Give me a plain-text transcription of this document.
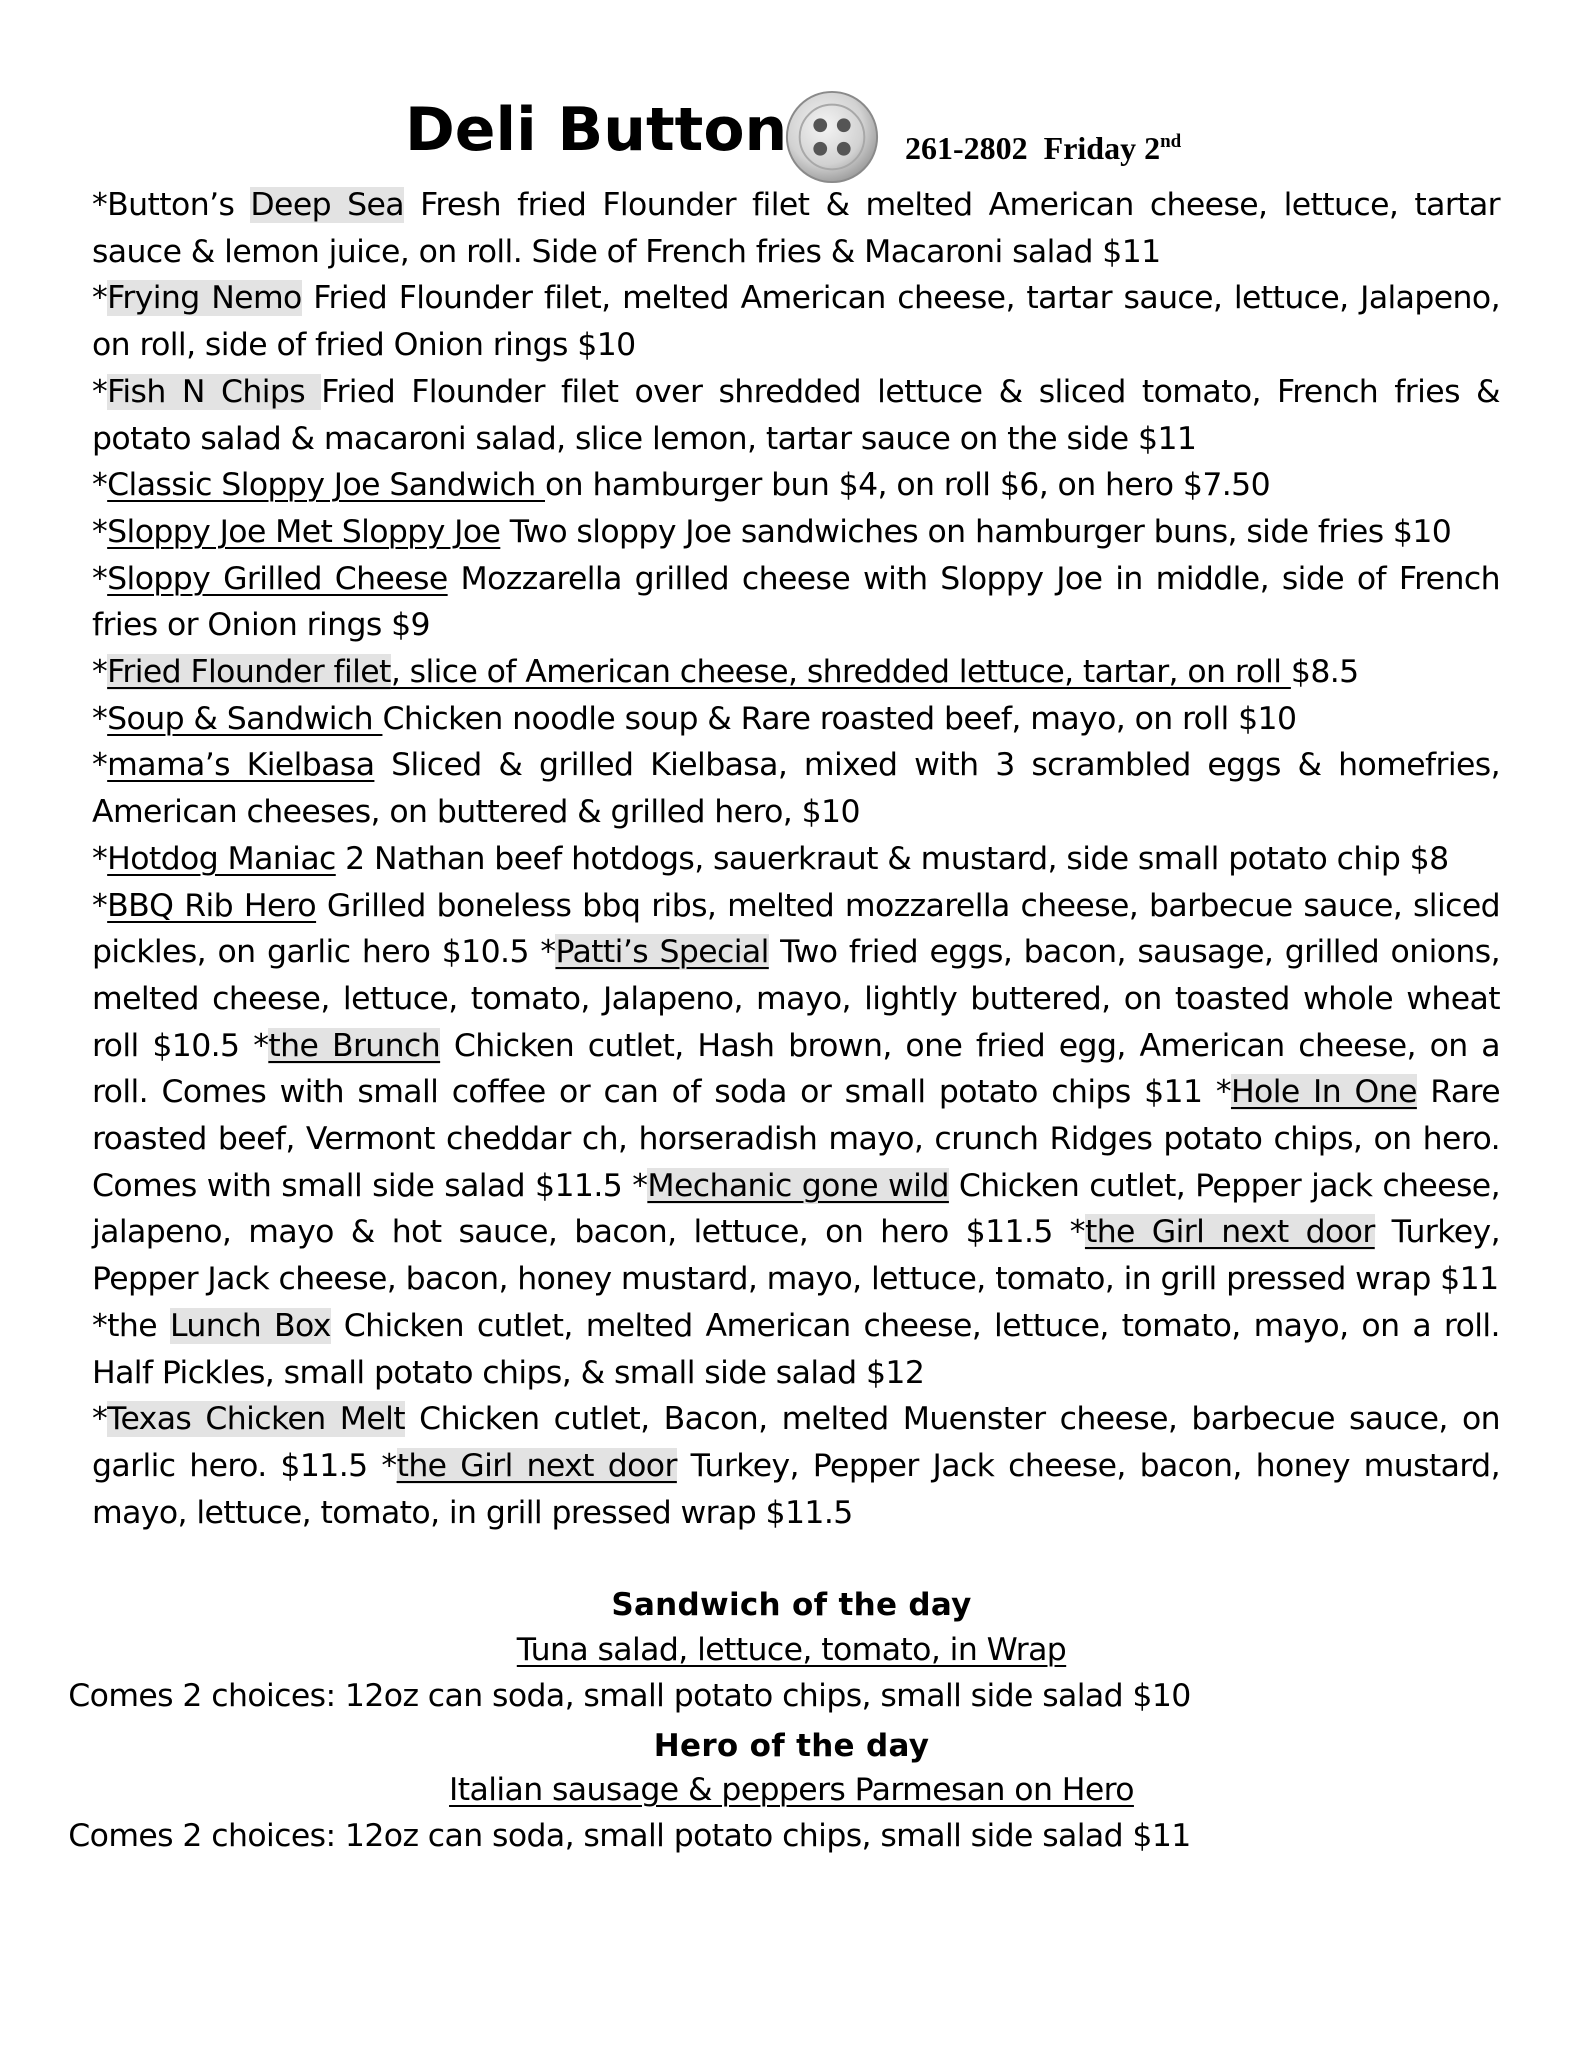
Deli Button	261-2802 Friday 2nd

*Button’s Deep Sea Fresh fried Flounder filet & melted American cheese, lettuce, tartar sauce & lemon juice, on roll. Side of French fries & Macaroni salad $11

*Frying Nemo Fried Flounder filet, melted American cheese, tartar sauce, lettuce, Jalapeno, on roll, side of fried Onion rings $10

*Fish N Chips Fried Flounder filet over shredded lettuce & sliced tomato, French fries & potato salad & macaroni salad, slice lemon, tartar sauce on the side $11

*Classic Sloppy Joe Sandwich on hamburger bun $4, on roll $6, on hero $7.50

*Sloppy Joe Met Sloppy Joe Two sloppy Joe sandwiches on hamburger buns, side fries $10

*Sloppy Grilled Cheese Mozzarella grilled cheese with Sloppy Joe in middle, side of French fries or Onion rings $9

*Fried Flounder filet, slice of American cheese, shredded lettuce, tartar, on roll $8.5

*Soup & Sandwich Chicken noodle soup & Rare roasted beef, mayo, on roll $10

*mama’s Kielbasa Sliced & grilled Kielbasa, mixed with 3 scrambled eggs & homefries, American cheeses, on buttered & grilled hero, $10

*Hotdog Maniac 2 Nathan beef hotdogs, sauerkraut & mustard, side small potato chip $8

*BBQ Rib Hero Grilled boneless bbq ribs, melted mozzarella cheese, barbecue sauce, sliced pickles, on garlic hero $10.5 *Patti’s Special Two fried eggs, bacon, sausage, grilled onions, melted cheese, lettuce, tomato, Jalapeno, mayo, lightly buttered, on toasted whole wheat roll $10.5 *the Brunch Chicken cutlet, Hash brown, one fried egg, American cheese, on a roll. Comes with small coffee or can of soda or small potato chips $11 *Hole In One Rare roasted beef, Vermont cheddar ch, horseradish mayo, crunch Ridges potato chips, on hero. Comes with small side salad $11.5 *Mechanic gone wild Chicken cutlet, Pepper jack cheese, jalapeno, mayo & hot sauce, bacon, lettuce, on hero $11.5 *the Girl next door Turkey, Pepper Jack cheese, bacon, honey mustard, mayo, lettuce, tomato, in grill pressed wrap $11

*the Lunch Box Chicken cutlet, melted American cheese, lettuce, tomato, mayo, on a roll. Half Pickles, small potato chips, & small side salad $12

*Texas Chicken Melt Chicken cutlet, Bacon, melted Muenster cheese, barbecue sauce, on garlic hero. $11.5 *the Girl next door Turkey, Pepper Jack cheese, bacon, honey mustard, mayo, lettuce, tomato, in grill pressed wrap $11.5

Sandwich of the day
Tuna salad, lettuce, tomato, in Wrap
Comes 2 choices: 12oz can soda, small potato chips, small side salad $10
Hero of the day
Italian sausage & peppers Parmesan on Hero
Comes 2 choices: 12oz can soda, small potato chips, small side salad $11
